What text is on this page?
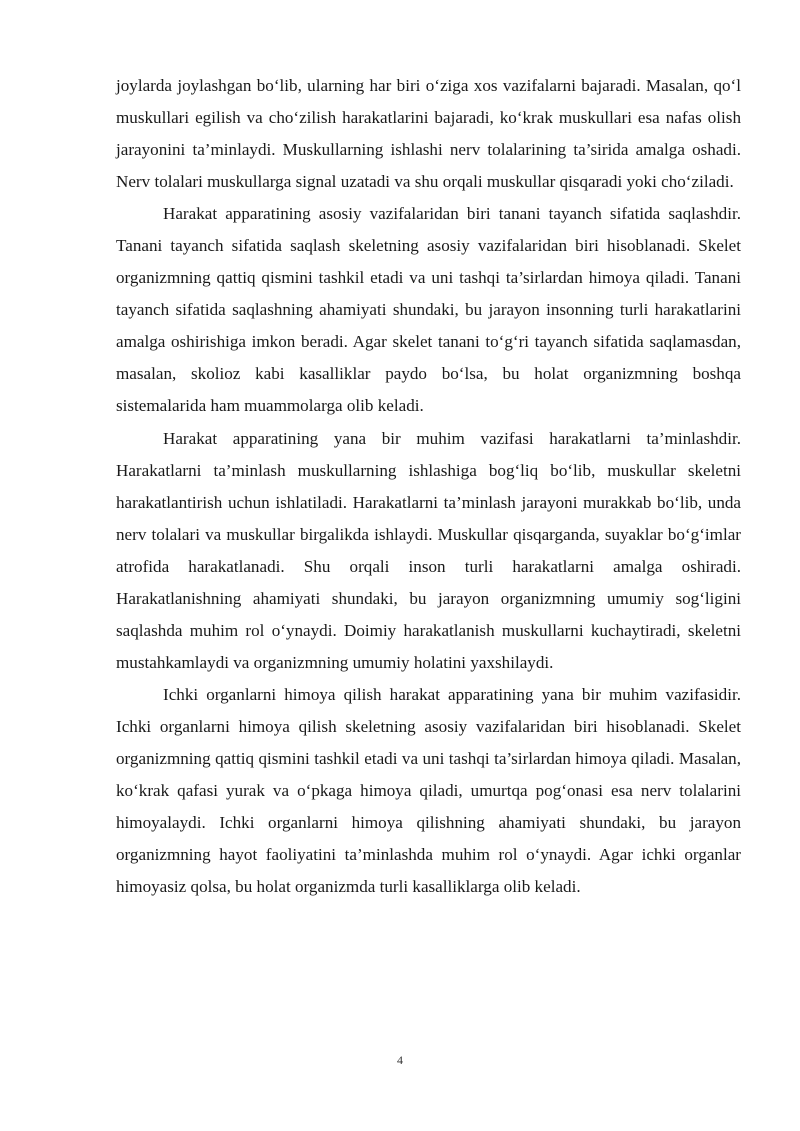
joylarda joylashgan bo‘lib, ularning har biri o‘ziga xos vazifalarni bajaradi. Masalan, qo‘l muskullari egilish va cho‘zilish harakatlarini bajaradi, ko‘krak muskullari esa nafas olish jarayonini ta’minlaydi. Muskullarning ishlashi nerv tolalarining ta’sirida amalga oshadi. Nerv tolalari muskullarga signal uzatadi va shu orqali muskullar qisqaradi yoki cho‘ziladi.

Harakat apparatining asosiy vazifalaridan biri tanani tayanch sifatida saqlashdir. Tanani tayanch sifatida saqlash skeletning asosiy vazifalaridan biri hisoblanadi. Skelet organizmning qattiq qismini tashkil etadi va uni tashqi ta’sirlardan himoya qiladi. Tanani tayanch sifatida saqlashning ahamiyati shundaki, bu jarayon insonning turli harakatlarini amalga oshirishiga imkon beradi. Agar skelet tanani to‘g‘ri tayanch sifatida saqlamasdan, masalan, skolioz kabi kasalliklar paydo bo‘lsa, bu holat organizmning boshqa sistemalarida ham muammolarga olib keladi.

Harakat apparatining yana bir muhim vazifasi harakatlarni ta’minlashdir. Harakatlarni ta’minlash muskullarning ishlashiga bog‘liq bo‘lib, muskullar skeletni harakatlantirish uchun ishlatiladi. Harakatlarni ta’minlash jarayoni murakkab bo‘lib, unda nerv tolalari va muskullar birgalikda ishlaydi. Muskullar qisqarganda, suyaklar bo‘g‘imlar atrofida harakatlanadi. Shu orqali inson turli harakatlarni amalga oshiradi. Harakatlanishning ahamiyati shundaki, bu jarayon organizmning umumiy sog‘ligini saqlashda muhim rol o‘ynaydi. Doimiy harakatlanish muskullarni kuchaytiradi, skeletni mustahkamlaydi va organizmning umumiy holatini yaxshilaydi.

Ichki organlarni himoya qilish harakat apparatining yana bir muhim vazifasidir. Ichki organlarni himoya qilish skeletning asosiy vazifalaridan biri hisoblanadi. Skelet organizmning qattiq qismini tashkil etadi va uni tashqi ta’sirlardan himoya qiladi. Masalan, ko‘krak qafasi yurak va o‘pkaga himoya qiladi, umurtqa pog‘onasi esa nerv tolalarini himoyalaydi. Ichki organlarni himoya qilishning ahamiyati shundaki, bu jarayon organizmning hayot faoliyatini ta’minlashda muhim rol o‘ynaydi. Agar ichki organlar himoyasiz qolsa, bu holat organizmda turli kasalliklarga olib keladi.

4
